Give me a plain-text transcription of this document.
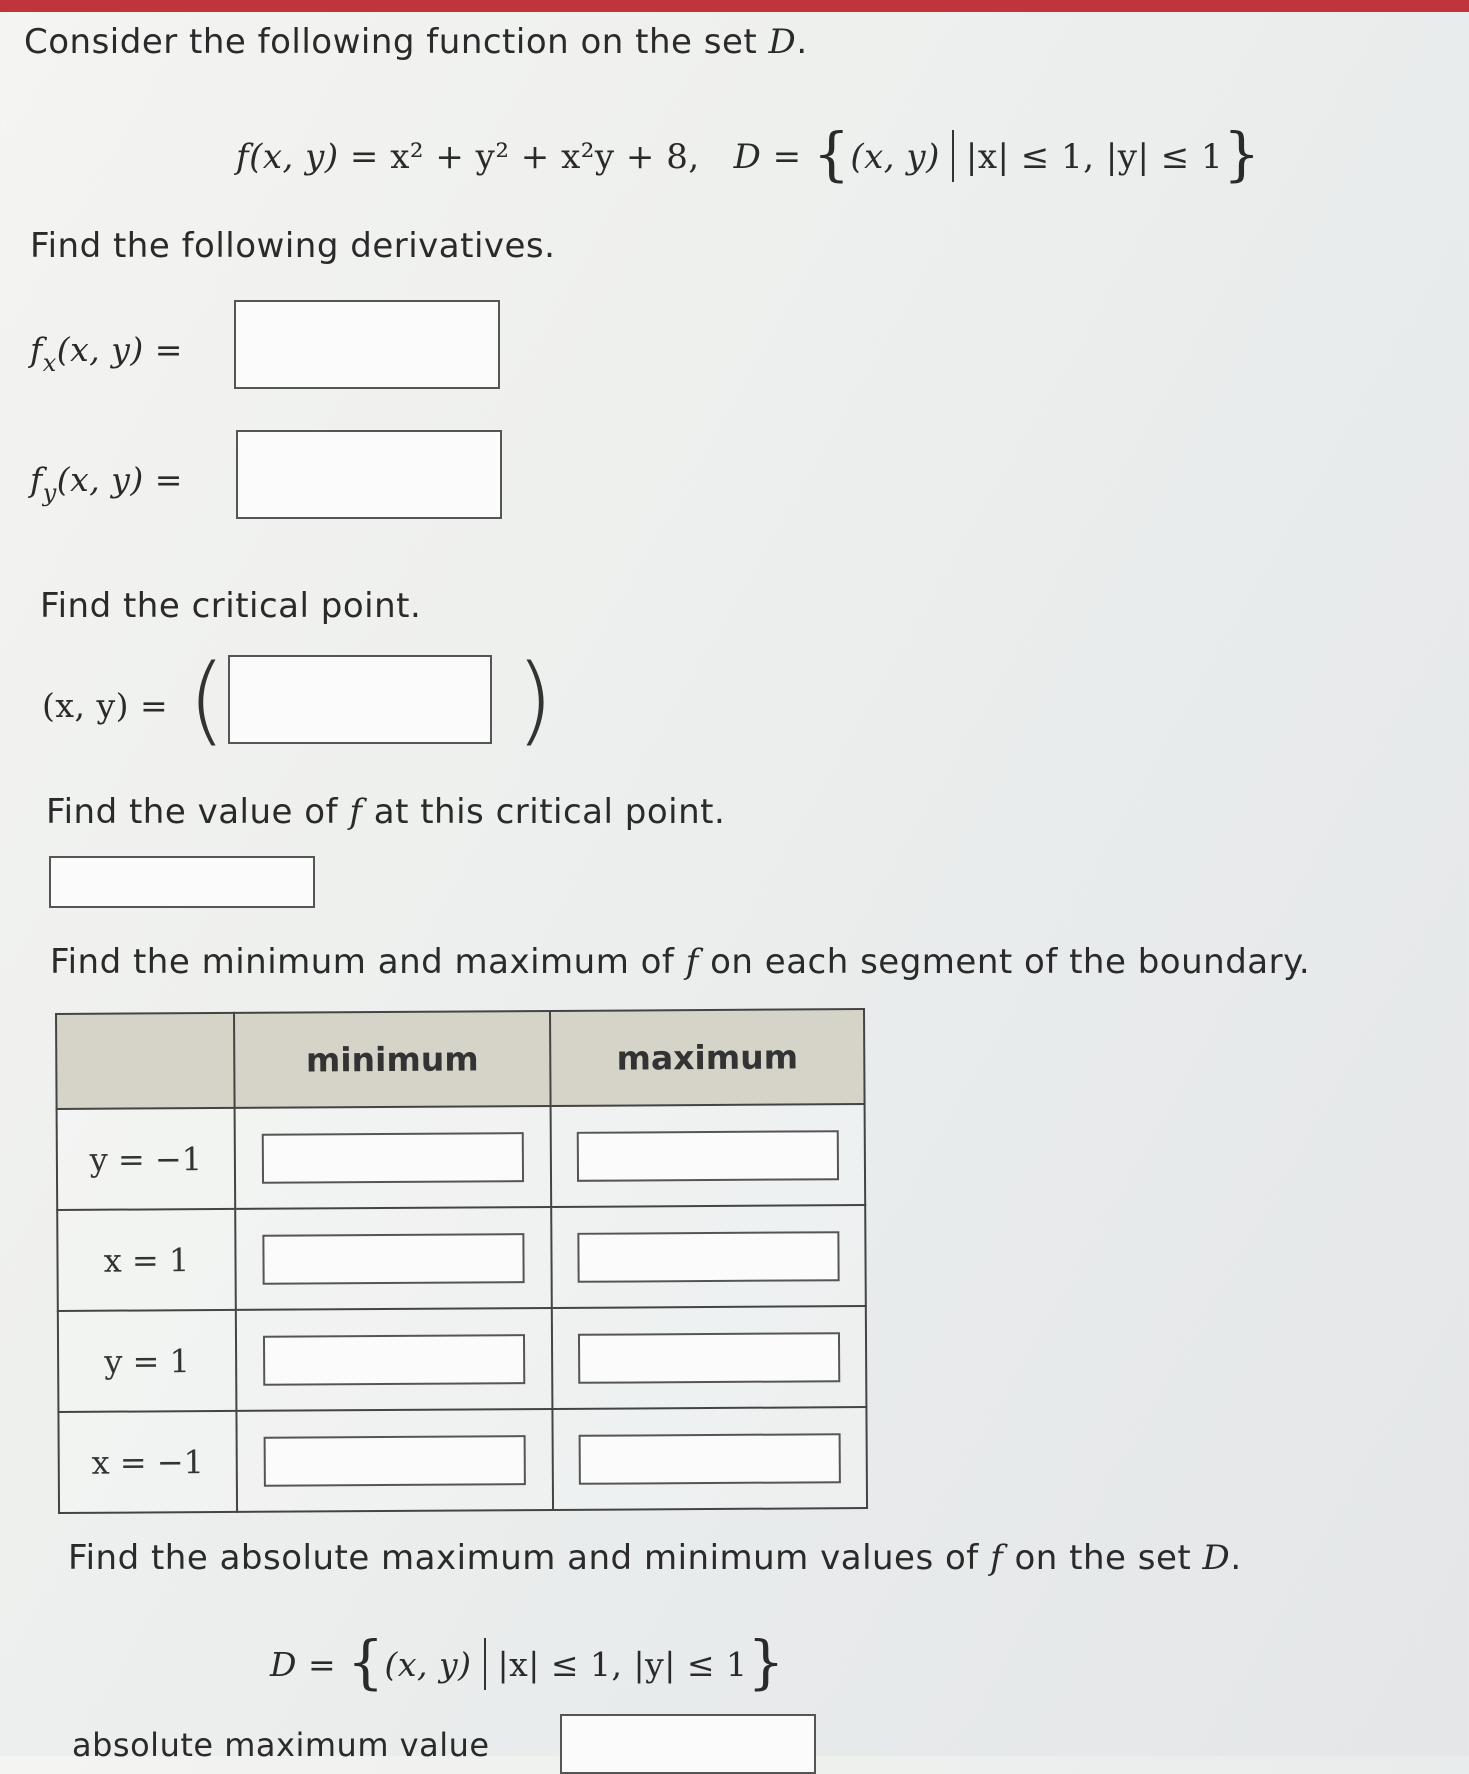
Consider the following function on the set D.
f(x, y) = x² + y² + x²y + 8, D = {(x, y) |x| ≤ 1, |y| ≤ 1}
Find the following derivatives.
$f_x(x$, y) =
$f_y(x$, y) =
Find the critical point.
(x, y) = (	)
Find the value of f at this critical point.
Find the minimum and maximum of f on each segment of the boundary.
	minimum	maximum
y = −1	

x = 1	

y = 1	

x = −1	

Find the absolute maximum and minimum values of f on the set D.
D = {(x, y) |x| ≤ 1, |y| ≤ 1}
absolute maximum value
